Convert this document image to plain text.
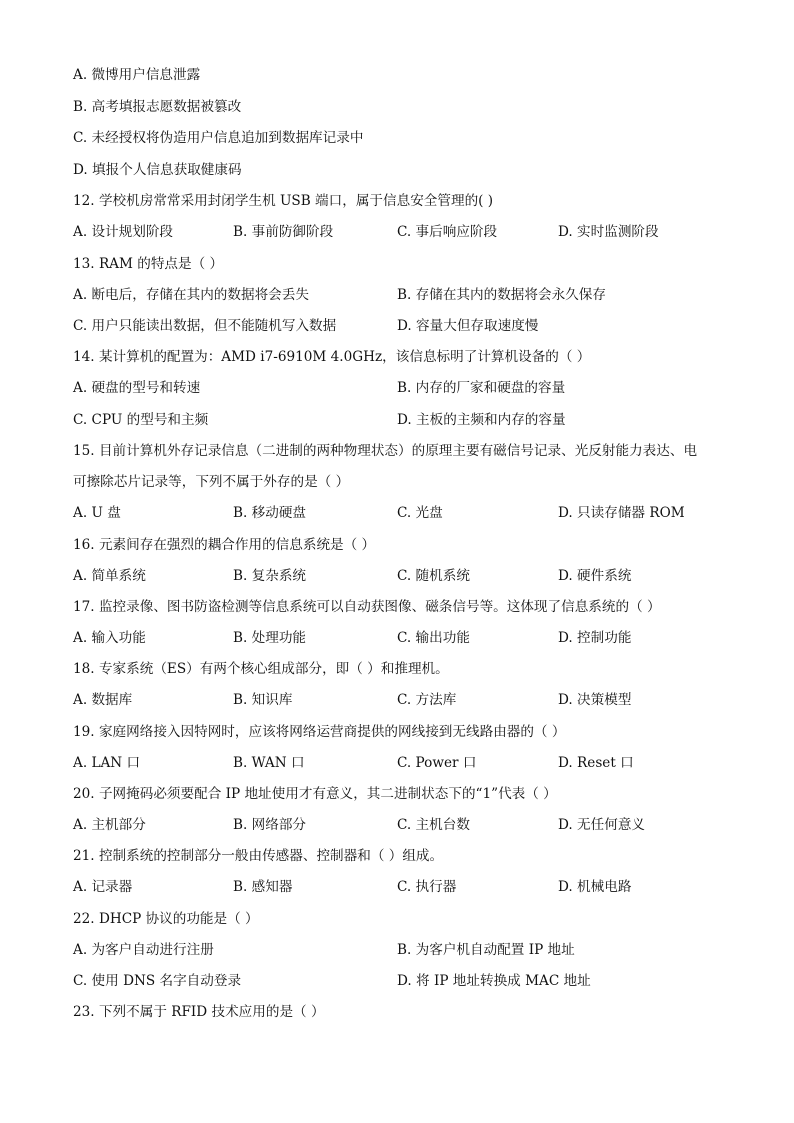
A. 微博用户信息泄露
B. 高考填报志愿数据被篡改
C. 未经授权将伪造用户信息追加到数据库记录中
D. 填报个人信息获取健康码
12. 学校机房常常采用封闭学生机 USB 端口，属于信息安全管理的( )
A. 设计规划阶段	B. 事前防御阶段	C. 事后响应阶段	D. 实时监测阶段
13. RAM 的特点是（ ）
A. 断电后，存储在其内的数据将会丢失	B. 存储在其内的数据将会永久保存
C. 用户只能读出数据，但不能随机写入数据	D. 容量大但存取速度慢
14. 某计算机的配置为：AMD i7-6910M 4.0GHz，该信息标明了计算机设备的（ ）
A. 硬盘的型号和转速	B. 内存的厂家和硬盘的容量
C. CPU 的型号和主频	D. 主板的主频和内存的容量
15. 目前计算机外存记录信息（二进制的两种物理状态）的原理主要有磁信号记录、光反射能力表达、电
可擦除芯片记录等，下列不属于外存的是（ ）
A. U 盘	B. 移动硬盘	C. 光盘	D. 只读存储器 ROM
16. 元素间存在强烈的耦合作用的信息系统是（ ）
A. 简单系统	B. 复杂系统	C. 随机系统	D. 硬件系统
17. 监控录像、图书防盗检测等信息系统可以自动获图像、磁条信号等。这体现了信息系统的（ ）
A. 输入功能	B. 处理功能	C. 输出功能	D. 控制功能
18. 专家系统（ES）有两个核心组成部分，即（ ）和推理机。
A. 数据库	B. 知识库	C. 方法库	D. 决策模型
19. 家庭网络接入因特网时，应该将网络运营商提供的网线接到无线路由器的（ ）
A. LAN 口	B. WAN 口	C. Power 口	D. Reset 口
20. 子网掩码必须要配合 IP 地址使用才有意义，其二进制状态下的“1”代表（ ）
A. 主机部分	B. 网络部分	C. 主机台数	D. 无任何意义
21. 控制系统的控制部分一般由传感器、控制器和（ ）组成。
A. 记录器	B. 感知器	C. 执行器	D. 机械电路
22. DHCP 协议的功能是（ ）
A. 为客户自动进行注册	B. 为客户机自动配置 IP 地址
C. 使用 DNS 名字自动登录	D. 将 IP 地址转换成 MAC 地址
23. 下列不属于 RFID 技术应用的是（ ）
